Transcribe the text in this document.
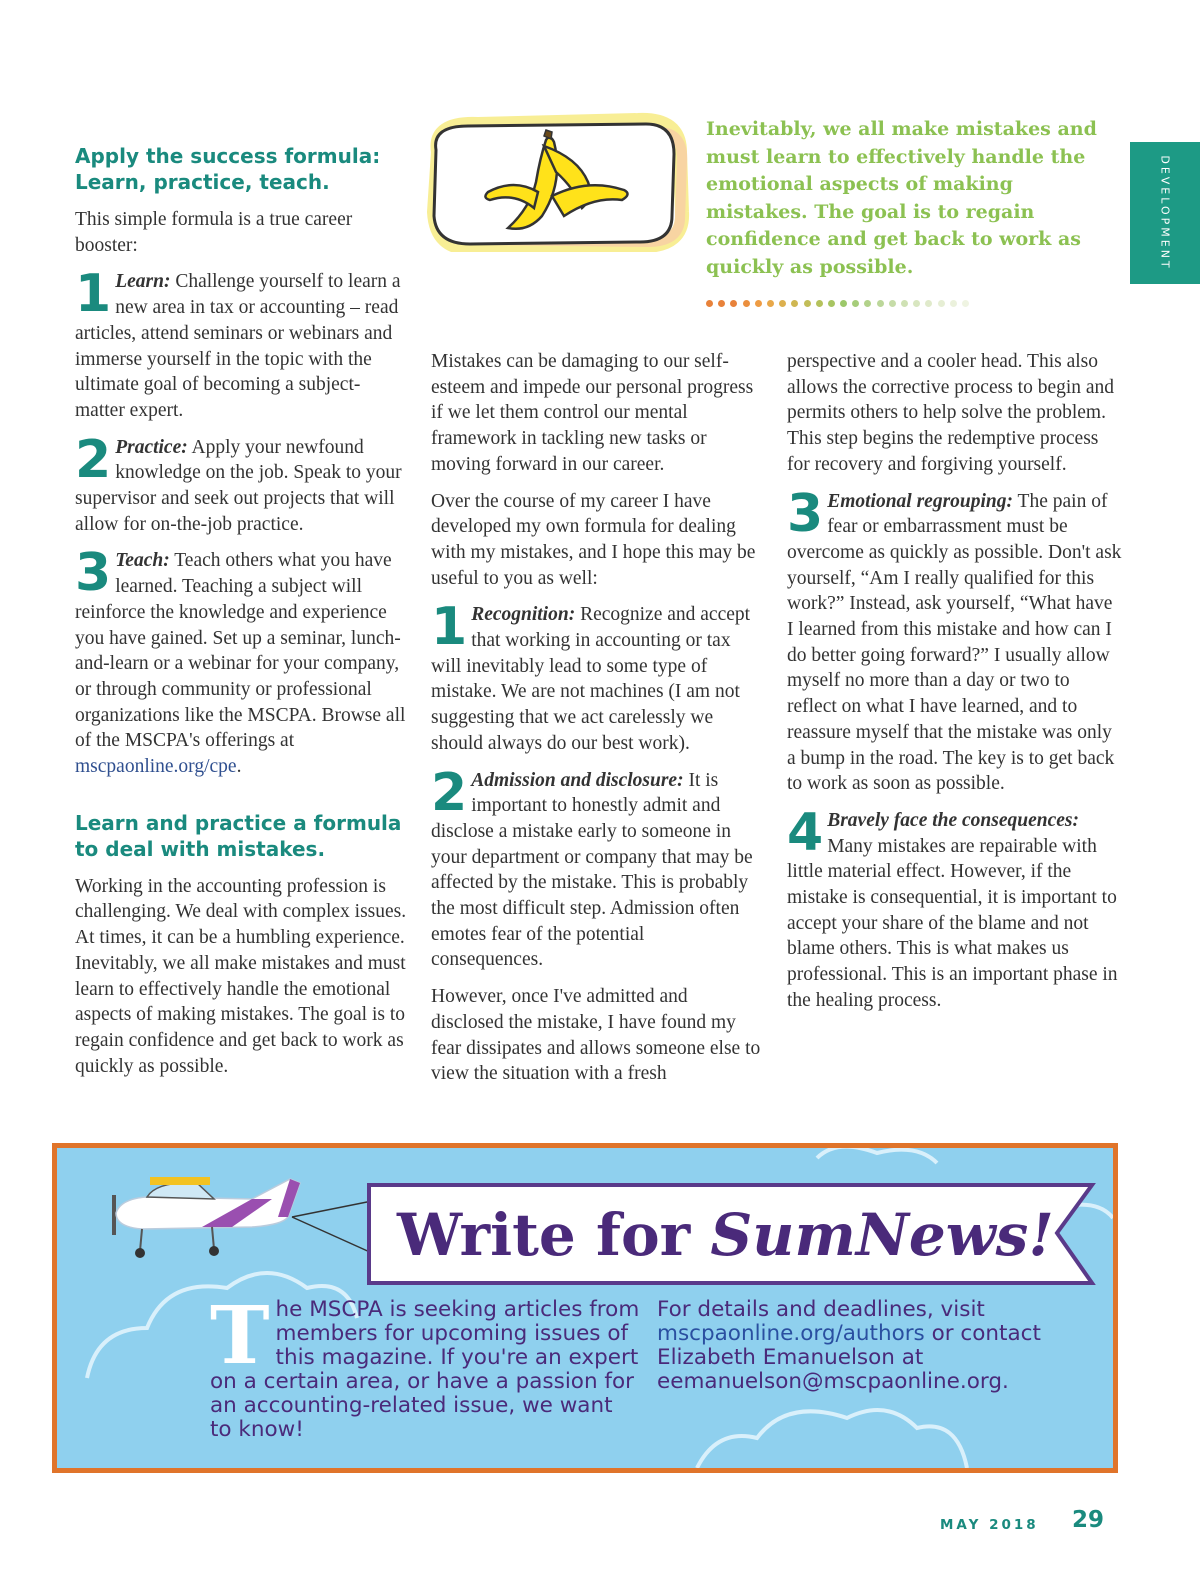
DEVELOPMENT
Inevitably, we all make mistakes and must learn to effectively handle the emotional aspects of making mistakes. The goal is to regain confidence and get back to work as quickly as possible.
Apply the success formula: Learn, practice, teach.

This simple formula is a true career booster:

1 Learn: Challenge yourself to learn a new area in tax or accounting – read articles, attend seminars or webinars and immerse yourself in the topic with the ultimate goal of becoming a subject-matter expert.

2 Practice: Apply your newfound knowledge on the job. Speak to your supervisor and seek out projects that will allow for on-the-job practice.

3 Teach: Teach others what you have learned. Teaching a subject will reinforce the knowledge and experience you have gained. Set up a seminar, lunch-and-learn or a webinar for your company, or through community or professional organizations like the MSCPA. Browse all of the MSCPA's offerings at mscpaonline.org/cpe.

Learn and practice a formula to deal with mistakes.

Working in the accounting profession is challenging. We deal with complex issues. At times, it can be a humbling experience. Inevitably, we all make mistakes and must learn to effectively handle the emotional aspects of making mistakes. The goal is to regain confidence and get back to work as quickly as possible.

Mistakes can be damaging to our self-esteem and impede our personal progress if we let them control our mental framework in tackling new tasks or moving forward in our career.

Over the course of my career I have developed my own formula for dealing with my mistakes, and I hope this may be useful to you as well:

1 Recognition: Recognize and accept that working in accounting or tax will inevitably lead to some type of mistake. We are not machines (I am not suggesting that we act carelessly we should always do our best work).

2 Admission and disclosure: It is important to honestly admit and disclose a mistake early to someone in your department or company that may be affected by the mistake. This is probably the most difficult step. Admission often emotes fear of the potential consequences.

However, once I've admitted and disclosed the mistake, I have found my fear dissipates and allows someone else to view the situation with a fresh

perspective and a cooler head. This also allows the corrective process to begin and permits others to help solve the problem. This step begins the redemptive process for recovery and forgiving yourself.

3 Emotional regrouping: The pain of fear or embarrassment must be overcome as quickly as possible. Don't ask yourself, “Am I really qualified for this work?” Instead, ask yourself, “What have I learned from this mistake and how can I do better going forward?” I usually allow myself no more than a day or two to reflect on what I have learned, and to reassure myself that the mistake was only a bump in the road. The key is to get back to work as soon as possible.

4 Bravely face the consequences: Many mistakes are repairable with little material effect. However, if the mistake is consequential, it is important to accept your share of the blame and not blame others. This is what makes us professional. This is an important phase in the healing process.

Write for SumNews!
The MSCPA is seeking articles from members for upcoming issues of this magazine. If you're an expert on a certain area, or have a passion for an accounting-related issue, we want to know!
For details and deadlines, visit mscpaonline.org/authors or contact Elizabeth Emanuelson at eemanuelson@mscpaonline.org.
MAY 2018 29
